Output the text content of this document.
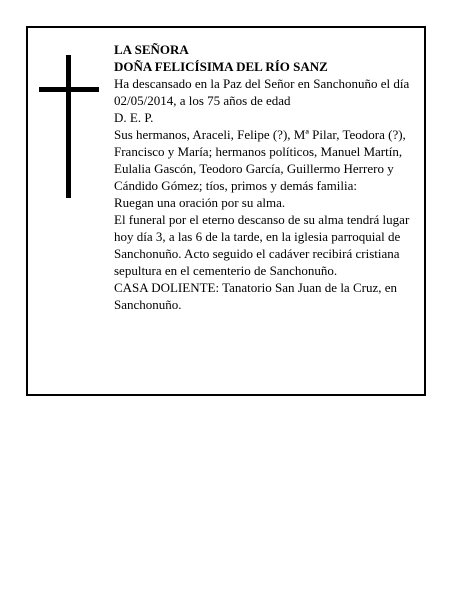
LA SEÑORA

DOÑA FELICÍSIMA DEL RÍO SANZ

Ha descansado en la Paz del Señor en Sanchonuño el día 02/05/2014, a los 75 años de edad

D. E. P.

Sus hermanos, Araceli, Felipe (?), Mª Pilar, Teodora (?), Francisco y María; hermanos políticos, Manuel Martín, Eulalia Gascón, Teodoro García, Guillermo Herrero y Cándido Gómez; tíos, primos y demás familia:

Ruegan una oración por su alma.

El funeral por el eterno descanso de su alma tendrá lugar hoy día 3, a las 6 de la tarde, en la iglesia parroquial de Sanchonuño. Acto seguido el cadáver recibirá cristiana sepultura en el cementerio de Sanchonuño.

CASA DOLIENTE: Tanatorio San Juan de la Cruz, en Sanchonuño.
